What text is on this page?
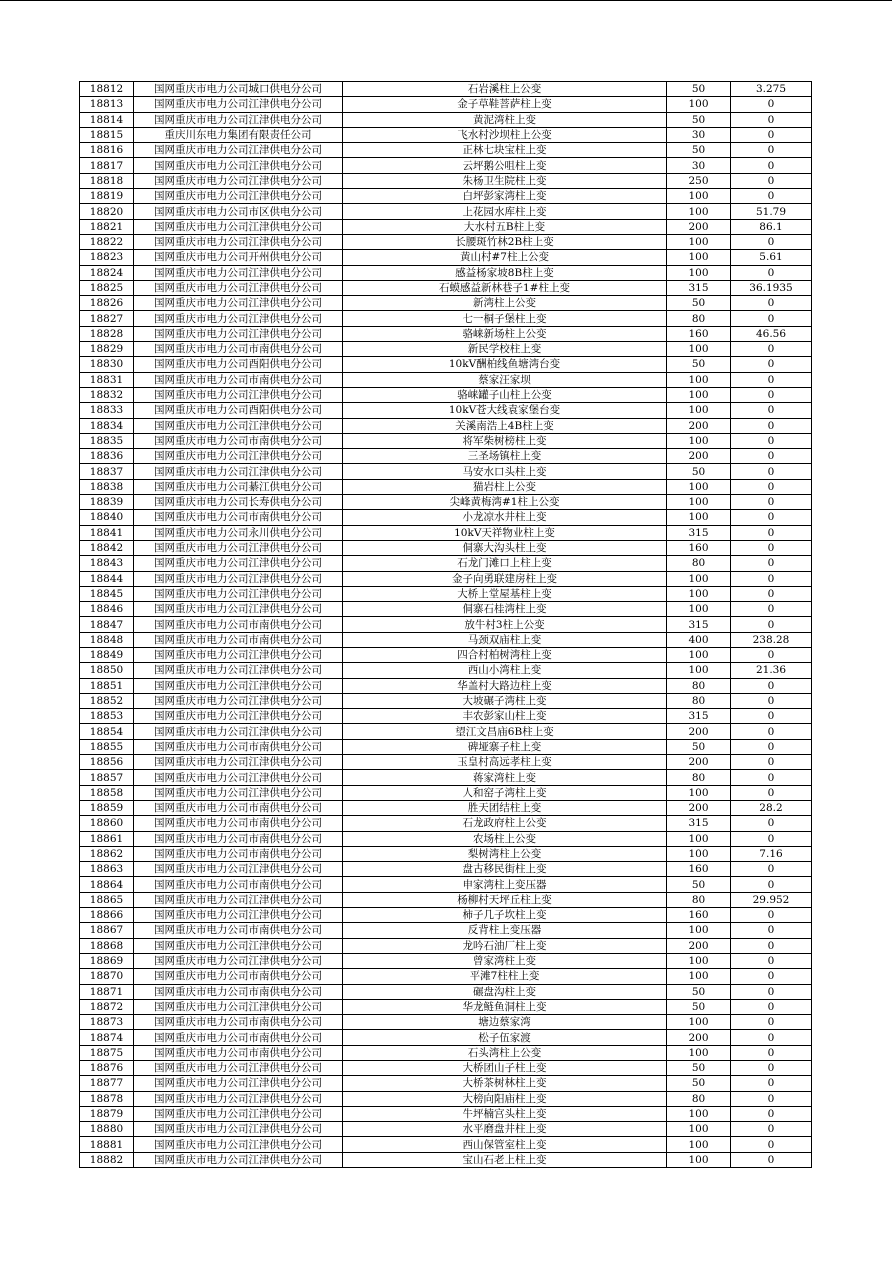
18812	国网重庆市电力公司城口供电分公司	石岩溪柱上公变	50	3.275
18813	国网重庆市电力公司江津供电分公司	金子草鞋菩萨柱上变	100	0
18814	国网重庆市电力公司江津供电分公司	黄泥湾柱上变	50	0
18815	重庆川东电力集团有限责任公司	飞水村沙坝柱上公变	30	0
18816	国网重庆市电力公司江津供电分公司	正林七块宝柱上变	50	0
18817	国网重庆市电力公司江津供电分公司	云坪鹅公咀柱上变	30	0
18818	国网重庆市电力公司江津供电分公司	朱杨卫生院柱上变	250	0
18819	国网重庆市电力公司江津供电分公司	白坪彭家湾柱上变	100	0
18820	国网重庆市电力公司市区供电分公司	上花园水库柱上变	100	51.79
18821	国网重庆市电力公司江津供电分公司	大水村五B柱上变	200	86.1
18822	国网重庆市电力公司江津供电分公司	长腰斑竹林2B柱上变	100	0
18823	国网重庆市电力公司开州供电分公司	黄山村#7柱上公变	100	5.61
18824	国网重庆市电力公司江津供电分公司	感益杨家坡8B柱上变	100	0
18825	国网重庆市电力公司江津供电分公司	石蟆感益新林巷子1#柱上变	315	36.1935
18826	国网重庆市电力公司江津供电分公司	新湾柱上公变	50	0
18827	国网重庆市电力公司江津供电分公司	七一桐子堡柱上变	80	0
18828	国网重庆市电力公司江津供电分公司	骆崃新场柱上公变	160	46.56
18829	国网重庆市电力公司市南供电分公司	新民学校柱上变	100	0
18830	国网重庆市电力公司酉阳供电分公司	10kV酬柏线鱼塘湾台变	50	0
18831	国网重庆市电力公司市南供电分公司	蔡家汪家坝	100	0
18832	国网重庆市电力公司江津供电分公司	骆崃罐子山柱上公变	100	0
18833	国网重庆市电力公司酉阳供电分公司	10kV苍大线袁家堡台变	100	0
18834	国网重庆市电力公司江津供电分公司	关溪南浩上4B柱上变	200	0
18835	国网重庆市电力公司市南供电分公司	将军柴树榜柱上变	100	0
18836	国网重庆市电力公司江津供电分公司	三圣场镇柱上变	200	0
18837	国网重庆市电力公司江津供电分公司	马安水口头柱上变	50	0
18838	国网重庆市电力公司綦江供电分公司	猫岩柱上公变	100	0
18839	国网重庆市电力公司长寿供电分公司	尖峰黄梅湾#1柱上公变	100	0
18840	国网重庆市电力公司市南供电分公司	小龙凉水井柱上变	100	0
18841	国网重庆市电力公司永川供电分公司	10kV天祥物业柱上变	315	0
18842	国网重庆市电力公司江津供电分公司	侗寨大沟头柱上变	160	0
18843	国网重庆市电力公司江津供电分公司	石龙门滩口上柱上变	80	0
18844	国网重庆市电力公司江津供电分公司	金子向勇联建房柱上变	100	0
18845	国网重庆市电力公司江津供电分公司	大桥上堂屋基柱上变	100	0
18846	国网重庆市电力公司江津供电分公司	侗寨石桂湾柱上变	100	0
18847	国网重庆市电力公司市南供电分公司	放牛村3柱上公变	315	0
18848	国网重庆市电力公司市南供电分公司	马颈双庙柱上变	400	238.28
18849	国网重庆市电力公司江津供电分公司	四合村柏树湾柱上变	100	0
18850	国网重庆市电力公司江津供电分公司	西山小湾柱上变	100	21.36
18851	国网重庆市电力公司江津供电分公司	华盖村大路边柱上变	80	0
18852	国网重庆市电力公司江津供电分公司	大坡碾子湾柱上变	80	0
18853	国网重庆市电力公司江津供电分公司	丰农彭家山柱上变	315	0
18854	国网重庆市电力公司江津供电分公司	望江文昌庙6B柱上变	200	0
18855	国网重庆市电力公司市南供电分公司	碑垭寨子柱上变	50	0
18856	国网重庆市电力公司江津供电分公司	玉皇村高远孝柱上变	200	0
18857	国网重庆市电力公司江津供电分公司	蒋家湾柱上变	80	0
18858	国网重庆市电力公司江津供电分公司	人和窑子湾柱上变	100	0
18859	国网重庆市电力公司市南供电分公司	胜天团结柱上变	200	28.2
18860	国网重庆市电力公司市南供电分公司	石龙政府柱上公变	315	0
18861	国网重庆市电力公司市南供电分公司	农场柱上公变	100	0
18862	国网重庆市电力公司市南供电分公司	梨树湾柱上公变	100	7.16
18863	国网重庆市电力公司江津供电分公司	盘古移民街柱上变	160	0
18864	国网重庆市电力公司市南供电分公司	申家湾柱上变压器	50	0
18865	国网重庆市电力公司江津供电分公司	杨柳村天坪丘柱上变	80	29.952
18866	国网重庆市电力公司江津供电分公司	柿子几子坎柱上变	160	0
18867	国网重庆市电力公司市南供电分公司	反背柱上变压器	100	0
18868	国网重庆市电力公司江津供电分公司	龙吟石油厂柱上变	200	0
18869	国网重庆市电力公司江津供电分公司	曾家湾柱上变	100	0
18870	国网重庆市电力公司市南供电分公司	平滩7柱柱上变	100	0
18871	国网重庆市电力公司市南供电分公司	碾盘沟柱上变	50	0
18872	国网重庆市电力公司江津供电分公司	华龙鲢鱼洞柱上变	50	0
18873	国网重庆市电力公司市南供电分公司	塘边蔡家湾	100	0
18874	国网重庆市电力公司市南供电分公司	松子伍家渡	200	0
18875	国网重庆市电力公司市南供电分公司	石头湾柱上公变	100	0
18876	国网重庆市电力公司江津供电分公司	大桥团山子柱上变	50	0
18877	国网重庆市电力公司江津供电分公司	大桥茶树林柱上变	50	0
18878	国网重庆市电力公司江津供电分公司	大榜向阳庙柱上变	80	0
18879	国网重庆市电力公司江津供电分公司	牛坪楠宫头柱上变	100	0
18880	国网重庆市电力公司江津供电分公司	水平磨盘井柱上变	100	0
18881	国网重庆市电力公司江津供电分公司	西山保管室柱上变	100	0
18882	国网重庆市电力公司江津供电分公司	宝山石老上柱上变	100	0
